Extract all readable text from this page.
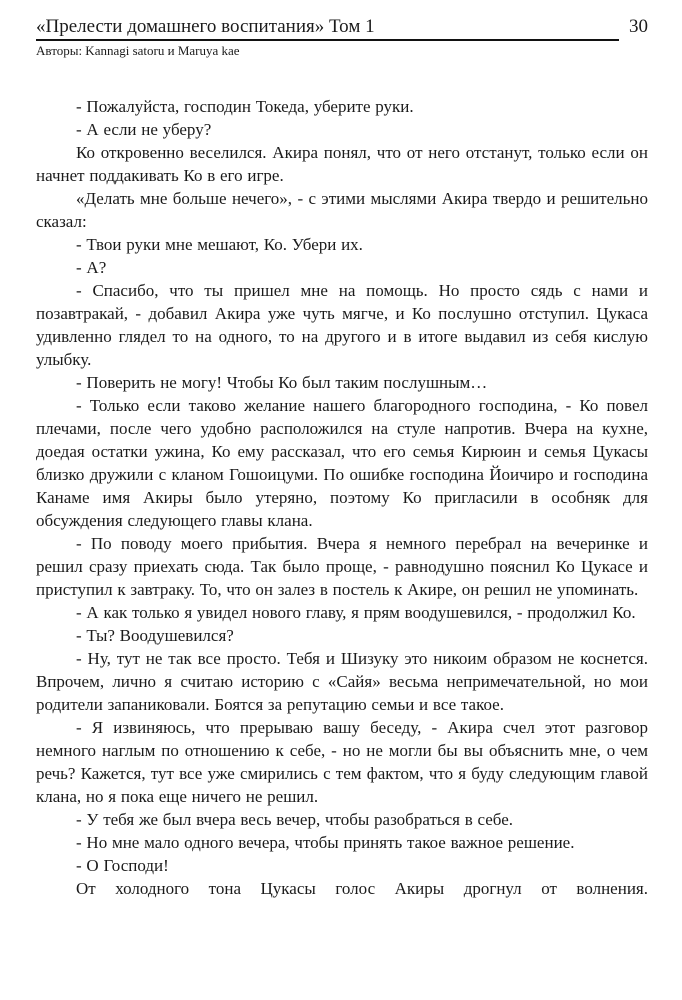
«Прелести домашнего воспитания» Том 1	30
Авторы: Kannagi satoru и Maruya kae

- Пожалуйста, господин Токеда, уберите руки.

- А если не уберу?

Ко откровенно веселился. Акира понял, что от него отстанут, только если он начнет поддакивать Ко в его игре.

«Делать мне больше нечего», - с этими мыслями Акира твердо и решительно сказал:

- Твои руки мне мешают, Ко. Убери их.

- А?

- Спасибо, что ты пришел мне на помощь. Но просто сядь с нами и позавтракай, - добавил Акира уже чуть мягче, и Ко послушно отступил. Цукаса удивленно глядел то на одного, то на другого и в итоге выдавил из себя кислую улыбку.

- Поверить не могу! Чтобы Ко был таким послушным…

- Только если таково желание нашего благородного господина, - Ко повел плечами, после чего удобно расположился на стуле напротив. Вчера на кухне, доедая остатки ужина, Ко ему рассказал, что его семья Кирюин и семья Цукасы близко дружили с кланом Гошоицуми. По ошибке господина Йоичиро и господина Канаме имя Акиры было утеряно, поэтому Ко пригласили в особняк для обсуждения следующего главы клана.

- По поводу моего прибытия. Вчера я немного перебрал на вечеринке и решил сразу приехать сюда. Так было проще, - равнодушно пояснил Ко Цукасе и приступил к завтраку. То, что он залез в постель к Акире, он решил не упоминать.

- А как только я увидел нового главу, я прям воодушевился, - продолжил Ко.

- Ты? Воодушевился?

- Ну, тут не так все просто. Тебя и Шизуку это никоим образом не коснется. Впрочем, лично я считаю историю с «Сайя» весьма непримечательной, но мои родители запаниковали. Боятся за репутацию семьи и все такое.

- Я извиняюсь, что прерываю вашу беседу, - Акира счел этот разговор немного наглым по отношению к себе, - но не могли бы вы объяснить мне, о чем речь? Кажется, тут все уже смирились с тем фактом, что я буду следующим главой клана, но я пока еще ничего не решил.

- У тебя же был вчера весь вечер, чтобы разобраться в себе.

- Но мне мало одного вечера, чтобы принять такое важное решение.

- О Господи!

От холодного тона Цукасы голос Акиры дрогнул от волнения.
